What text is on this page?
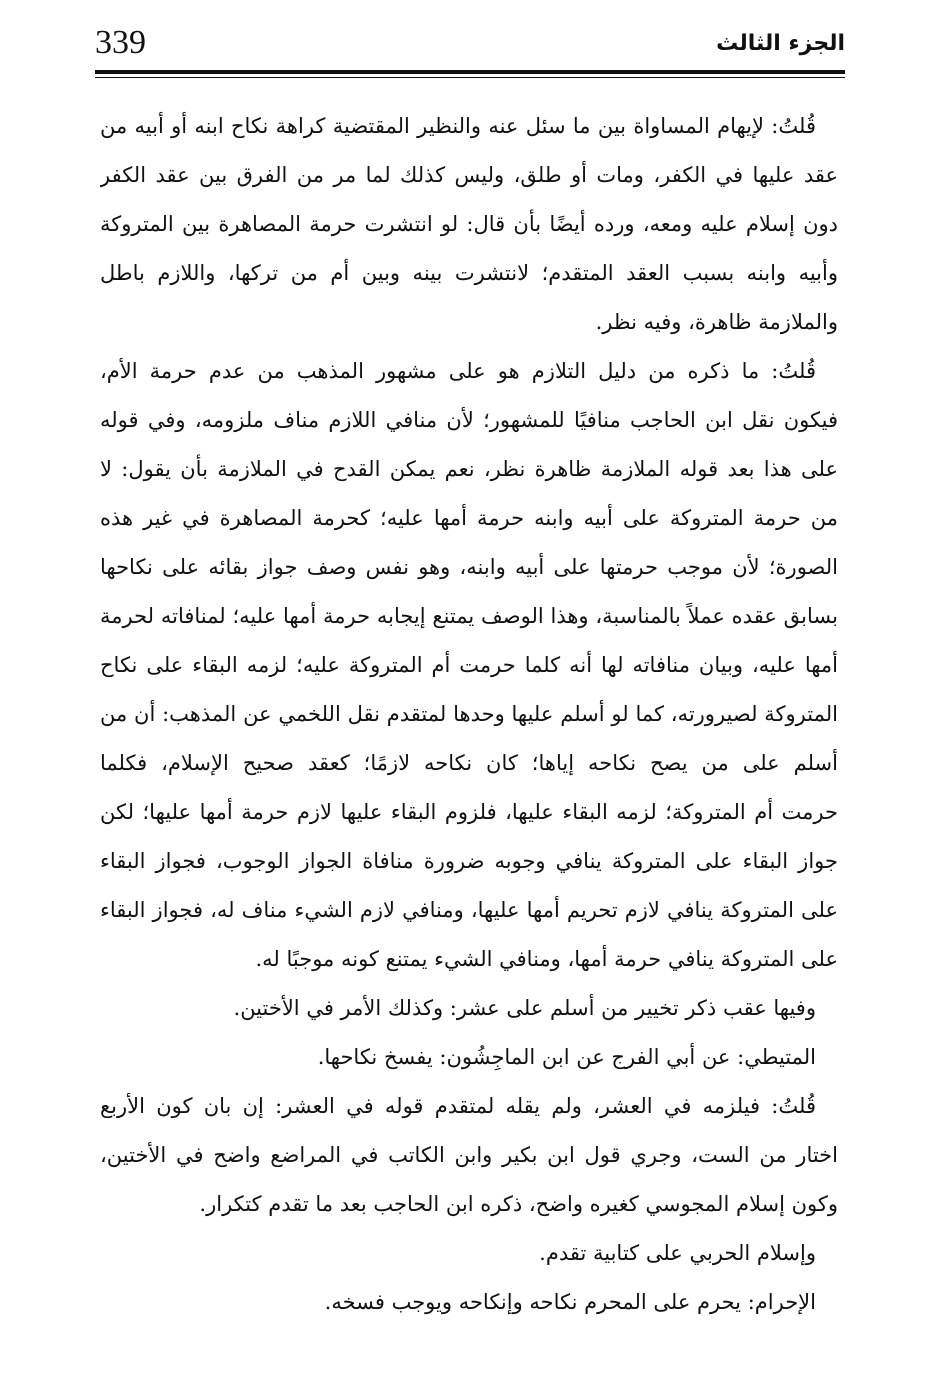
339	الجزء الثالث
قُلتُ: لإيهام المساواة بين ما سئل عنه والنظير المقتضية كراهة نكاح ابنه أو أبيه من
عقد عليها في الكفر، ومات أو طلق، وليس كذلك لما مر من الفرق بين عقد الكفر
دون إسلام عليه ومعه، ورده أيضًا بأن قال: لو انتشرت حرمة المصاهرة بين المتروكة
وأبيه وابنه بسبب العقد المتقدم؛ لانتشرت بينه وبين أم من تركها، واللازم باطل
والملازمة ظاهرة، وفيه نظر.
قُلتُ: ما ذكره من دليل التلازم هو على مشهور المذهب من عدم حرمة الأم،
فيكون نقل ابن الحاجب منافيًا للمشهور؛ لأن منافي اللازم مناف ملزومه، وفي قوله
على هذا بعد قوله الملازمة ظاهرة نظر، نعم يمكن القدح في الملازمة بأن يقول: لا
من حرمة المتروكة على أبيه وابنه حرمة أمها عليه؛ كحرمة المصاهرة في غير هذه
الصورة؛ لأن موجب حرمتها على أبيه وابنه، وهو نفس وصف جواز بقائه على نكاحها
بسابق عقده عملاً بالمناسبة، وهذا الوصف يمتنع إيجابه حرمة أمها عليه؛ لمنافاته لحرمة
أمها عليه، وبيان منافاته لها أنه كلما حرمت أم المتروكة عليه؛ لزمه البقاء على نكاح
المتروكة لصيرورته، كما لو أسلم عليها وحدها لمتقدم نقل اللخمي عن المذهب: أن من
أسلم على من يصح نكاحه إياها؛ كان نكاحه لازمًا؛ كعقد صحيح الإسلام، فكلما
حرمت أم المتروكة؛ لزمه البقاء عليها، فلزوم البقاء عليها لازم حرمة أمها عليها؛ لكن
جواز البقاء على المتروكة ينافي وجوبه ضرورة منافاة الجواز الوجوب، فجواز البقاء
على المتروكة ينافي لازم تحريم أمها عليها، ومنافي لازم الشيء مناف له، فجواز البقاء
على المتروكة ينافي حرمة أمها، ومنافي الشيء يمتنع كونه موجبًا له.
وفيها عقب ذكر تخيير من أسلم على عشر: وكذلك الأمر في الأختين.
المتيطي: عن أبي الفرج عن ابن الماجِشُون: يفسخ نكاحها.
قُلتُ: فيلزمه في العشر، ولم يقله لمتقدم قوله في العشر: إن بان كون الأربع
اختار من الست، وجري قول ابن بكير وابن الكاتب في المراضع واضح في الأختين،
وكون إسلام المجوسي كغيره واضح، ذكره ابن الحاجب بعد ما تقدم كتكرار.
وإسلام الحربي على كتابية تقدم.
الإحرام: يحرم على المحرم نكاحه وإنكاحه ويوجب فسخه.
